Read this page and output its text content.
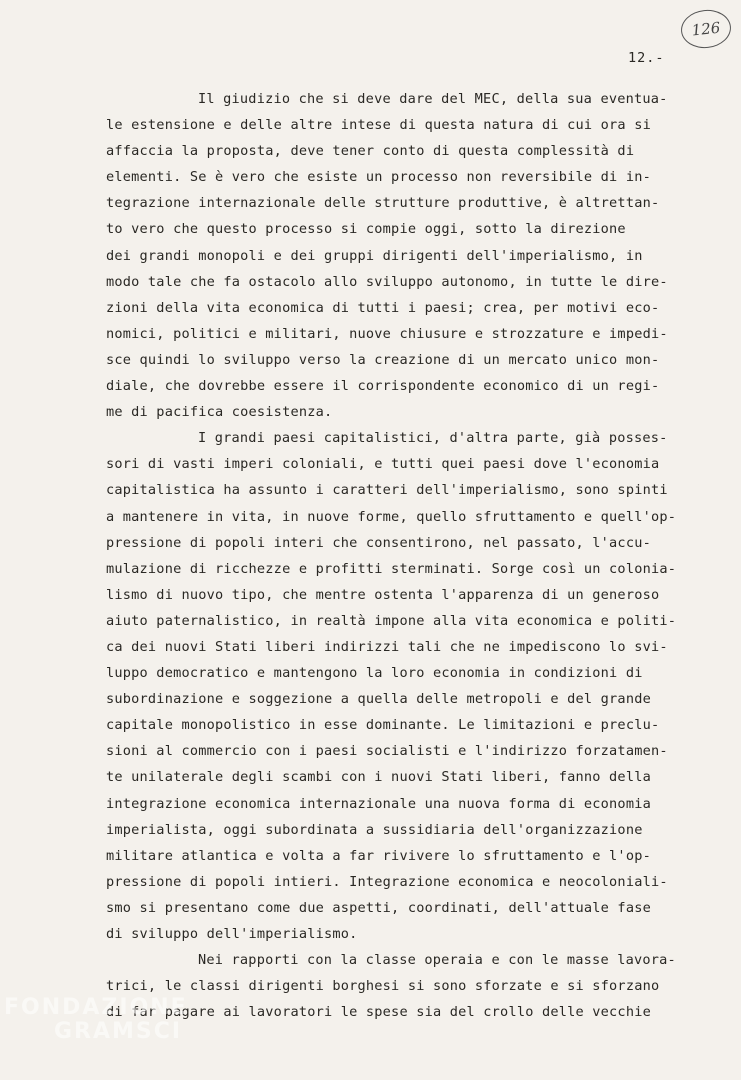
126
12.-
Il giudizio che si deve dare del MEC, della sua eventua-
le estensione e delle altre intese di questa natura di cui ora si
affaccia la proposta, deve tener conto di questa complessità di
elementi. Se è vero che esiste un processo non reversibile di in-
tegrazione internazionale delle strutture produttive, è altrettan-
to vero che questo processo si compie oggi, sotto la direzione
dei grandi monopoli e dei gruppi dirigenti dell'imperialismo, in
modo tale che fa ostacolo allo sviluppo autonomo, in tutte le dire-
zioni della vita economica di tutti i paesi; crea, per motivi eco-
nomici, politici e militari, nuove chiusure e strozzature e impedi-
sce quindi lo sviluppo verso la creazione di un mercato unico mon-
diale, che dovrebbe essere il corrispondente economico di un regi-
me di pacifica coesistenza.
I grandi paesi capitalistici, d'altra parte, già posses-
sori di vasti imperi coloniali, e tutti quei paesi dove l'economia
capitalistica ha assunto i caratteri dell'imperialismo, sono spinti
a mantenere in vita, in nuove forme, quello sfruttamento e quell'op-
pressione di popoli interi che consentirono, nel passato, l'accu-
mulazione di ricchezze e profitti sterminati. Sorge così un colonia-
lismo di nuovo tipo, che mentre ostenta l'apparenza di un generoso
aiuto paternalistico, in realtà impone alla vita economica e politi-
ca dei nuovi Stati liberi indirizzi tali che ne impediscono lo svi-
luppo democratico e mantengono la loro economia in condizioni di
subordinazione e soggezione a quella delle metropoli e del grande
capitale monopolistico in esse dominante. Le limitazioni e preclu-
sioni al commercio con i paesi socialisti e l'indirizzo forzatamen-
te unilaterale degli scambi con i nuovi Stati liberi, fanno della
integrazione economica internazionale una nuova forma di economia
imperialista, oggi subordinata a sussidiaria dell'organizzazione
militare atlantica e volta a far rivivere lo sfruttamento e l'op-
pressione di popoli intieri. Integrazione economica e neocoloniali-
smo si presentano come due aspetti, coordinati, dell'attuale fase
di sviluppo dell'imperialismo.
Nei rapporti con la classe operaia e con le masse lavora-
trici, le classi dirigenti borghesi si sono sforzate e si sforzano
di far pagare ai lavoratori le spese sia del crollo delle vecchie
FONDAZIONE
GRAMSCI
